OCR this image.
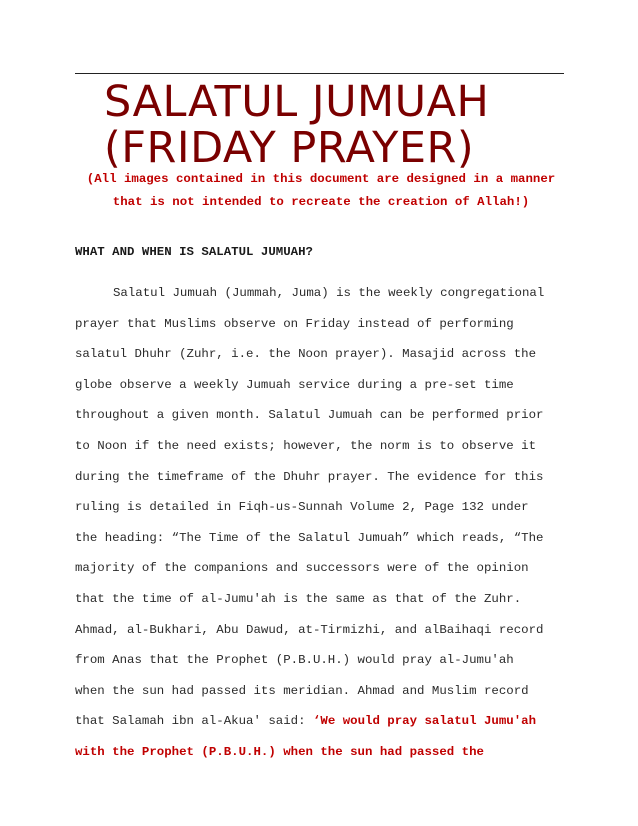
SALATUL JUMUAH
(FRIDAY PRAYER)
(All images contained in this document are designed in a manner
that is not intended to recreate the creation of Allah!)
WHAT AND WHEN IS SALATUL JUMUAH?
Salatul Jumuah (Jummah, Juma) is the weekly congregational
prayer that Muslims observe on Friday instead of performing
salatul Dhuhr (Zuhr, i.e. the Noon prayer). Masajid across the
globe observe a weekly Jumuah service during a pre-set time
throughout a given month. Salatul Jumuah can be performed prior
to Noon if the need exists; however, the norm is to observe it
during the timeframe of the Dhuhr prayer. The evidence for this
ruling is detailed in Fiqh-us-Sunnah Volume 2, Page 132 under
the heading: “The Time of the Salatul Jumuah” which reads, “The
majority of the companions and successors were of the opinion
that the time of al-Jumu'ah is the same as that of the Zuhr.
Ahmad, al-Bukhari, Abu Dawud, at-Tirmizhi, and alBaihaqi record
from Anas that the Prophet (P.B.U.H.) would pray al-Jumu'ah
when the sun had passed its meridian. Ahmad and Muslim record
that Salamah ibn al-Akua' said: ‘We would pray salatul Jumu'ah
with the Prophet (P.B.U.H.) when the sun had passed the
